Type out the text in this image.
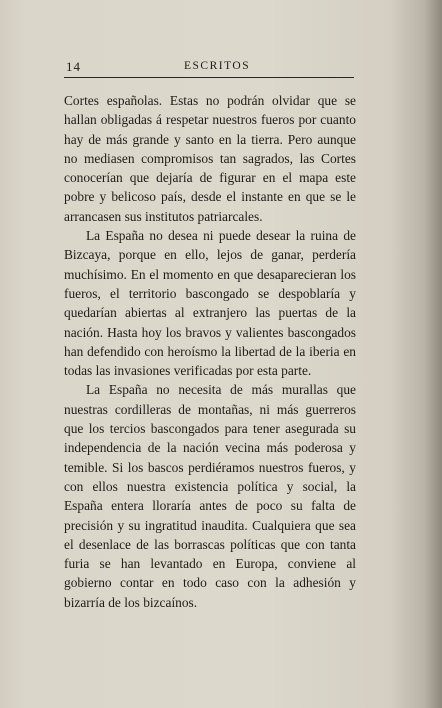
14	ESCRITOS

Cortes españolas. Estas no podrán olvidar que se hallan obligadas á respetar nuestros fueros por cuanto hay de más grande y santo en la tierra. Pero aunque no mediasen compromisos tan sagrados, las Cortes conocerían que dejaría de figurar en el mapa este pobre y belicoso país, desde el instante en que se le arrancasen sus institutos patriarcales.

La España no desea ni puede desear la ruina de Bizcaya, porque en ello, lejos de ganar, perdería muchísimo. En el momento en que desaparecieran los fueros, el territorio bascongado se despoblaría y quedarían abiertas al extranjero las puertas de la nación. Hasta hoy los bravos y valientes bascongados han defendido con heroísmo la libertad de la iberia en todas las invasiones verificadas por esta parte.

La España no necesita de más murallas que nuestras cordilleras de montañas, ni más guerreros que los tercios bascongados para tener asegurada su independencia de la nación vecina más poderosa y temible. Si los bascos perdiéramos nuestros fueros, y con ellos nuestra existencia política y social, la España entera lloraría antes de poco su falta de precisión y su ingratitud inaudita. Cualquiera que sea el desenlace de las borrascas políticas que con tanta furia se han levantado en Europa, conviene al gobierno contar en todo caso con la adhesión y bizarría de los bizcaínos.
